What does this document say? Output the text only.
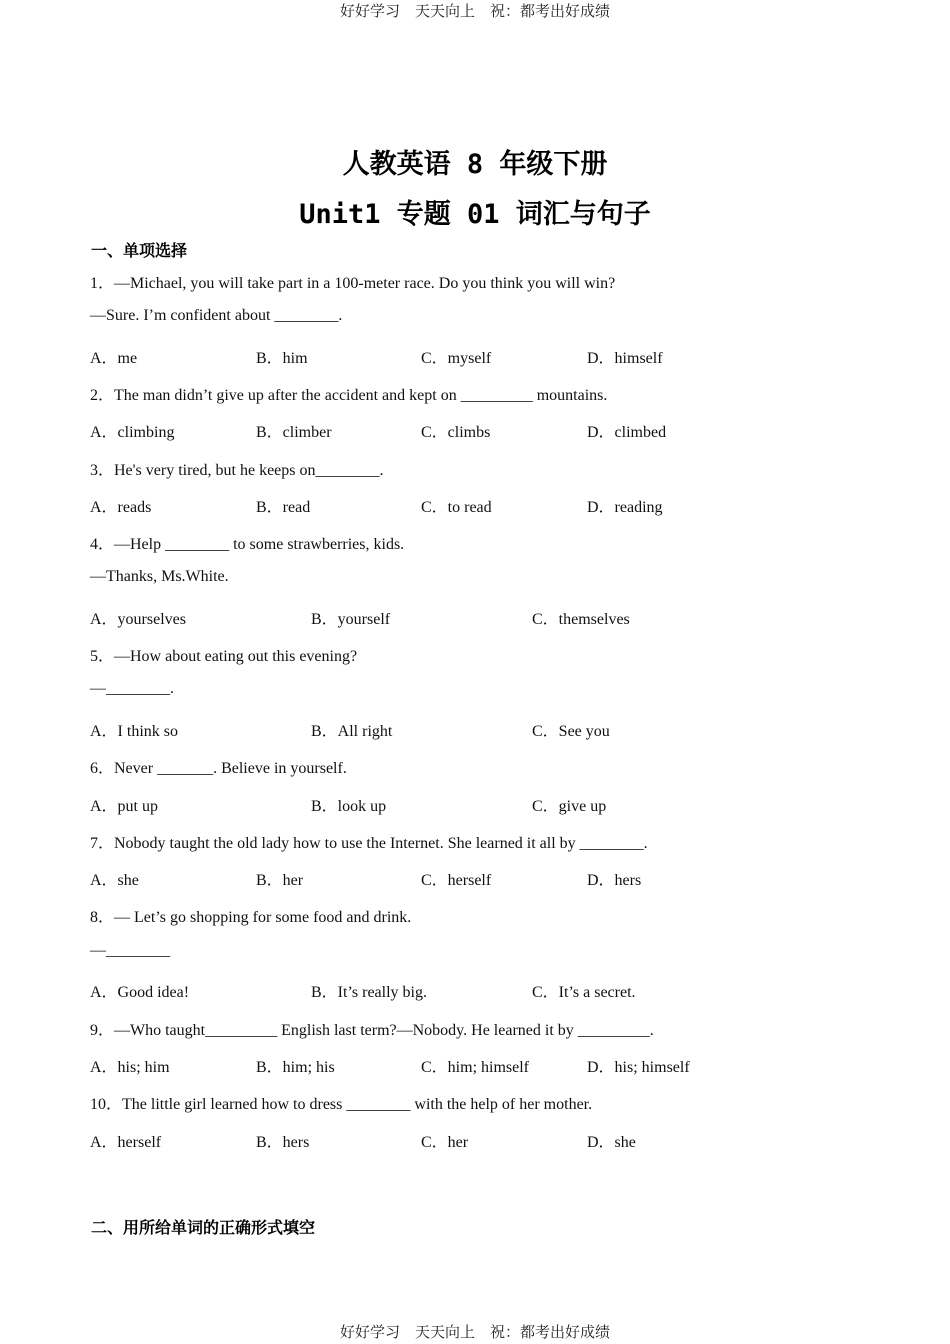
好好学习　天天向上　祝：都考出好成绩
人教英语 8 年级下册
Unit1 专题 01 词汇与句子
一、单项选择
1．—Michael, you will take part in a 100-meter race. Do you think you will win?
—Sure. I’m confident about ________.
A．me	B．him	C．myself	D．himself
2．The man didn’t give up after the accident and kept on _________ mountains.
A．climbing	B．climber	C．climbs	D．climbed
3．He's very tired, but he keeps on________.
A．reads	B．read	C．to read	D．reading
4．—Help ________ to some strawberries, kids.
—Thanks, Ms.White.
A．yourselves	B．yourself	C．themselves
5．—How about eating out this evening?
—________.
A．I think so	B．All right	C．See you
6．Never _______. Believe in yourself.
A．put up	B．look up	C．give up
7．Nobody taught the old lady how to use the Internet. She learned it all by ________.
A．she	B．her	C．herself	D．hers
8．— Let’s go shopping for some food and drink.
—________
A．Good idea!	B．It’s really big.	C．It’s a secret.
9．—Who taught_________ English last term?—Nobody. He learned it by _________.
A．his; him	B．him; his	C．him; himself	D．his; himself
10．The little girl learned how to dress ________ with the help of her mother.
A．herself	B．hers	C．her	D．she
二、用所给单词的正确形式填空
好好学习　天天向上　祝：都考出好成绩
